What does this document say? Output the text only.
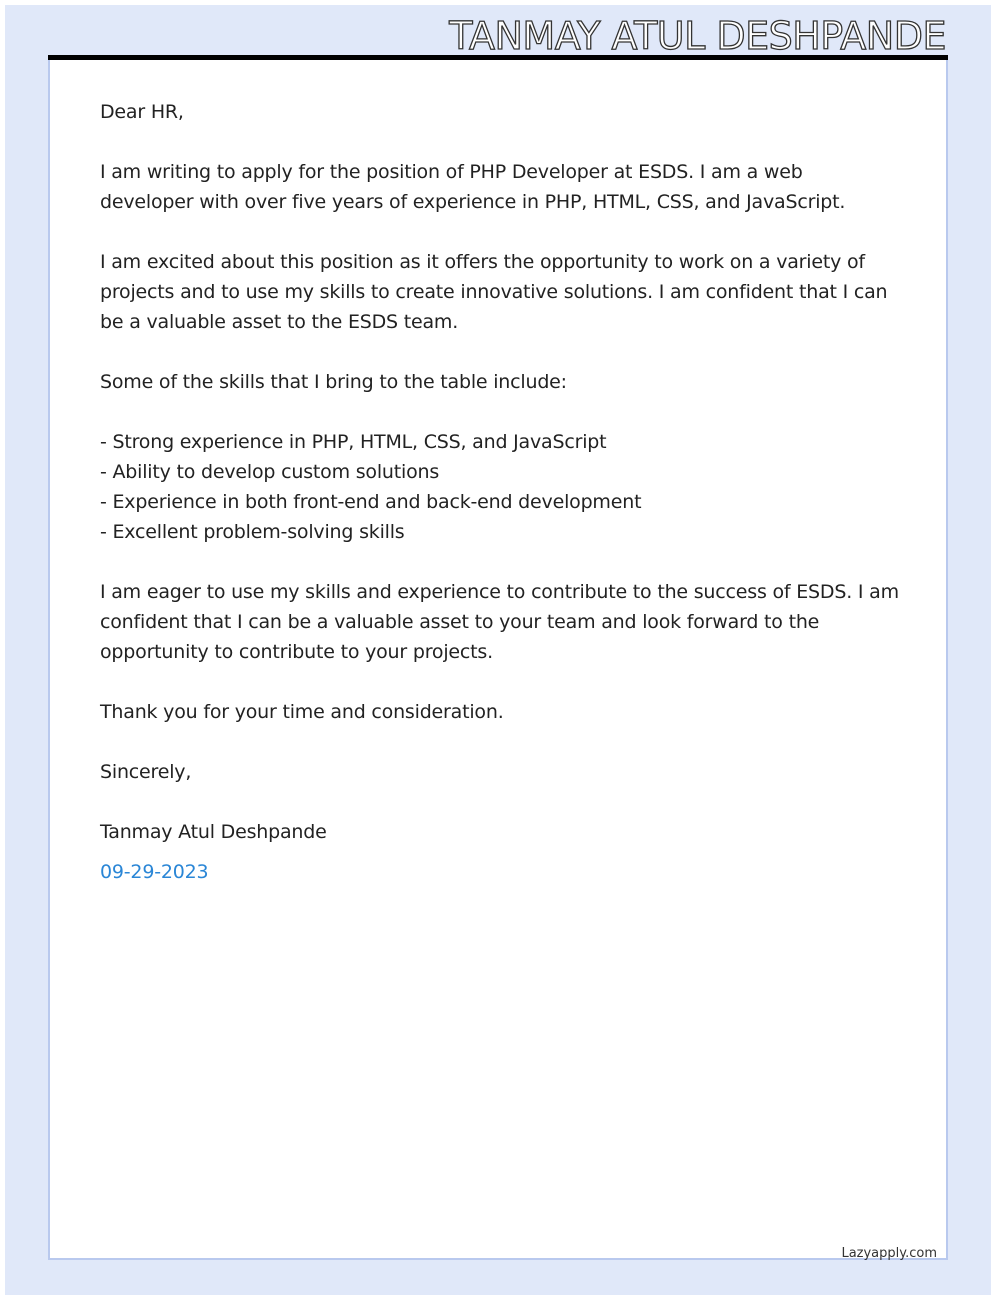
TANMAY ATUL DESHPANDE

Dear HR,

I am writing to apply for the position of PHP Developer at ESDS. I am a web developer with over five years of experience in PHP, HTML, CSS, and JavaScript.

I am excited about this position as it offers the opportunity to work on a variety of projects and to use my skills to create innovative solutions. I am confident that I can be a valuable asset to the ESDS team.

Some of the skills that I bring to the table include:

- Strong experience in PHP, HTML, CSS, and JavaScript
- Ability to develop custom solutions
- Experience in both front-end and back-end development
- Excellent problem-solving skills

I am eager to use my skills and experience to contribute to the success of ESDS. I am confident that I can be a valuable asset to your team and look forward to the opportunity to contribute to your projects.

Thank you for your time and consideration.

Sincerely,

Tanmay Atul Deshpande

09-29-2023

Lazyapply.com
